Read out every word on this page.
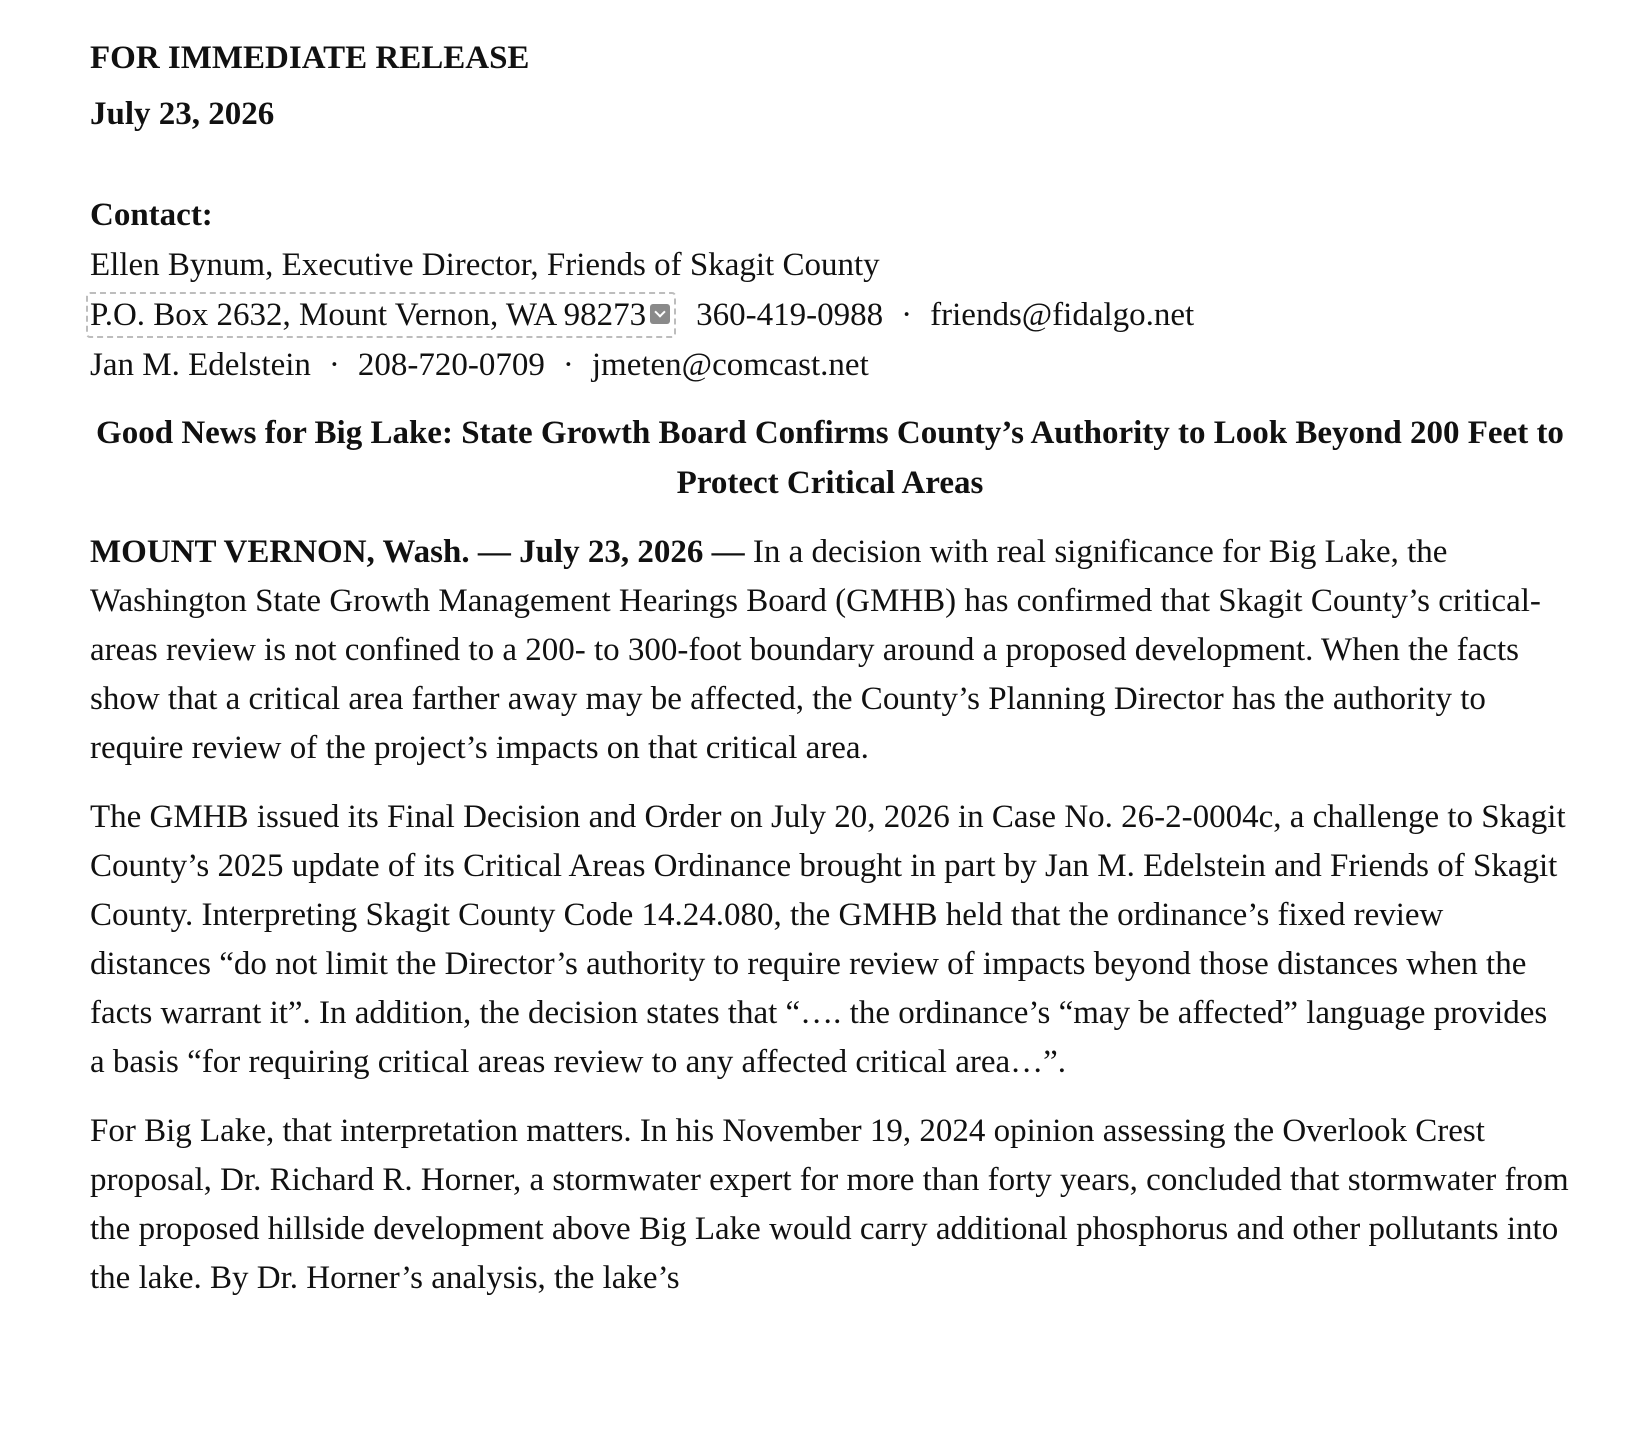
FOR IMMEDIATE RELEASE

July 23, 2026

Contact:

Ellen Bynum, Executive Director, Friends of Skagit County

P.O. Box 2632, Mount Vernon, WA 98273 360-419-0988 · friends@fidalgo.net

Jan M. Edelstein · 208-720-0709 · jmeten@comcast.net

Good News for Big Lake: State Growth Board Confirms County’s Authority to Look Beyond 200 Feet to Protect Critical Areas

MOUNT VERNON, Wash. — July 23, 2026 — In a decision with real significance for Big Lake, the Washington State Growth Management Hearings Board (GMHB) has confirmed that Skagit County’s critical-areas review is not confined to a 200- to 300-foot boundary around a proposed development. When the facts show that a critical area farther away may be affected, the County’s Planning Director has the authority to require review of the project’s impacts on that critical area.

The GMHB issued its Final Decision and Order on July 20, 2026 in Case No. 26-2-0004c, a challenge to Skagit County’s 2025 update of its Critical Areas Ordinance brought in part by Jan M. Edelstein and Friends of Skagit County. Interpreting Skagit County Code 14.24.080, the GMHB held that the ordinance’s fixed review distances “do not limit the Director’s authority to require review of impacts beyond those distances when the facts warrant it”. In addition, the decision states that “…. the ordinance’s “may be affected” language provides a basis “for requiring critical areas review to any affected critical area…”.

For Big Lake, that interpretation matters. In his November 19, 2024 opinion assessing the Overlook Crest proposal, Dr. Richard R. Horner, a stormwater expert for more than forty years, concluded that stormwater from the proposed hillside development above Big Lake would carry additional phosphorus and other pollutants into the lake. By Dr. Horner’s analysis, the lake’s
